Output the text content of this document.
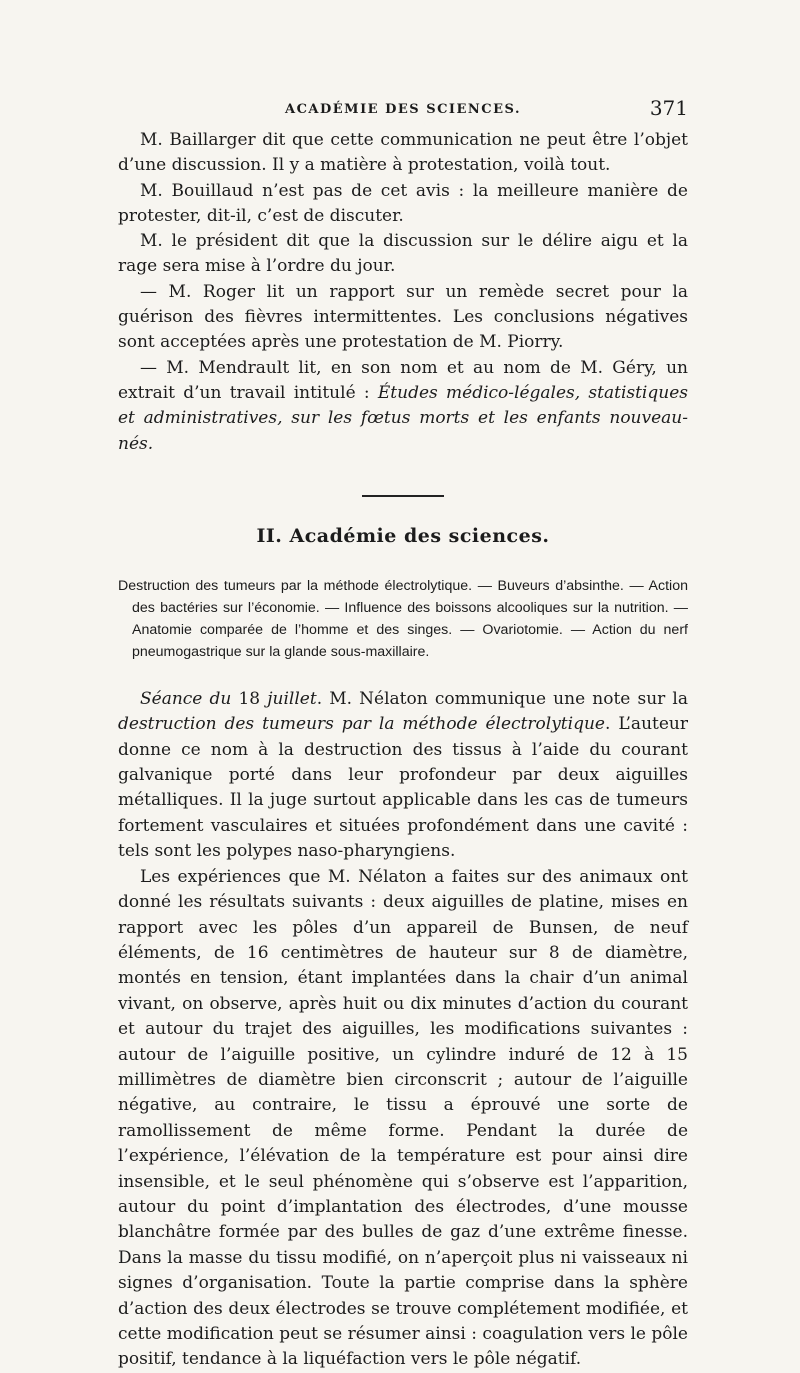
ACADÉMIE DES SCIENCES.	371

M. Baillarger dit que cette communication ne peut être l’objet d’une discussion. Il y a matière à protestation, voilà tout.

M. Bouillaud n’est pas de cet avis : la meilleure manière de protester, dit-il, c’est de discuter.

M. le président dit que la discussion sur le délire aigu et la rage sera mise à l’ordre du jour.

— M. Roger lit un rapport sur un remède secret pour la guérison des fièvres intermittentes. Les conclusions négatives sont acceptées après une protestation de M. Piorry.

— M. Mendrault lit, en son nom et au nom de M. Géry, un extrait d’un travail intitulé : Études médico-légales, statistiques et administratives, sur les fœtus morts et les enfants nouveau-nés.

II. Académie des sciences.

Destruction des tumeurs par la méthode électrolytique. — Buveurs d’absinthe. — Action des bactéries sur l’économie. — Influence des boissons alcooliques sur la nutrition. — Anatomie comparée de l’homme et des singes. — Ovariotomie. — Action du nerf pneumogastrique sur la glande sous-maxillaire.

Séance du 18 juillet. M. Nélaton communique une note sur la destruction des tumeurs par la méthode électrolytique. L’auteur donne ce nom à la destruction des tissus à l’aide du courant galvanique porté dans leur profondeur par deux aiguilles métalliques. Il la juge surtout applicable dans les cas de tumeurs fortement vasculaires et situées profondément dans une cavité : tels sont les polypes naso-pharyngiens.

Les expériences que M. Nélaton a faites sur des animaux ont donné les résultats suivants : deux aiguilles de platine, mises en rapport avec les pôles d’un appareil de Bunsen, de neuf éléments, de 16 centimètres de hauteur sur 8 de diamètre, montés en tension, étant implantées dans la chair d’un animal vivant, on observe, après huit ou dix minutes d’action du courant et autour du trajet des aiguilles, les modifications suivantes : autour de l’aiguille positive, un cylindre induré de 12 à 15 millimètres de diamètre bien circonscrit ; autour de l’aiguille négative, au contraire, le tissu a éprouvé une sorte de ramollissement de même forme. Pendant la durée de l’expérience, l’élévation de la température est pour ainsi dire insensible, et le seul phénomène qui s’observe est l’apparition, autour du point d’implantation des électrodes, d’une mousse blanchâtre formée par des bulles de gaz d’une extrême finesse. Dans la masse du tissu modifié, on n’aperçoit plus ni vaisseaux ni signes d’organisation. Toute la partie comprise dans la sphère d’action des deux électrodes se trouve complétement modifiée, et cette modification peut se résumer ainsi : coagulation vers le pôle positif, tendance à la liquéfaction vers le pôle négatif.
